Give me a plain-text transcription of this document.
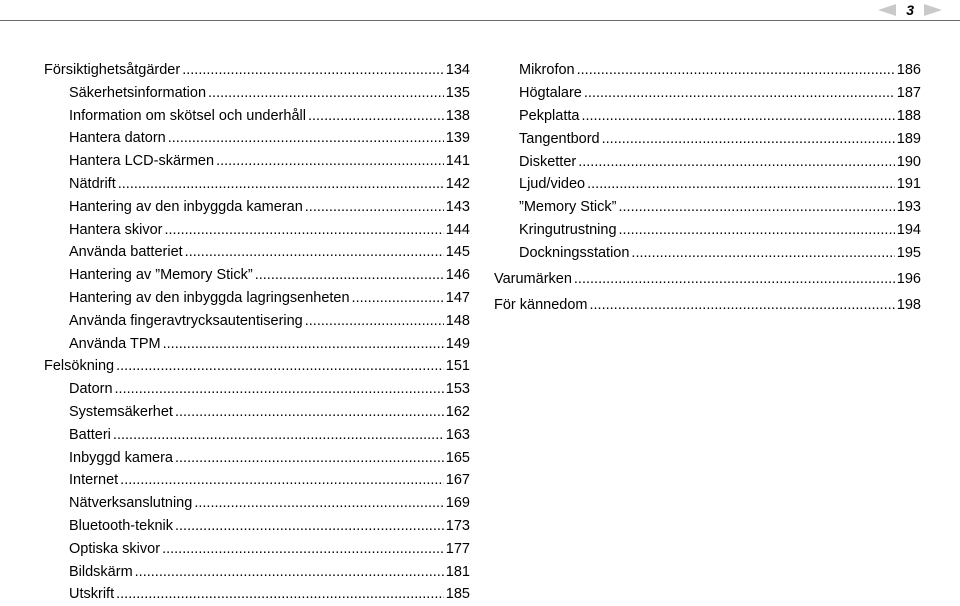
3
Försiktighetsåtgärder .....	134
Säkerhetsinformation .....	135
Information om skötsel och underhåll .....	138
Hantera datorn .....	139
Hantera LCD-skärmen .....	141
Nätdrift .....	142
Hantering av den inbyggda kameran .....	143
Hantera skivor .....	144
Använda batteriet .....	145
Hantering av ”Memory Stick” .....	146
Hantering av den inbyggda lagringsenheten .....	147
Använda fingeravtrycksautentisering .....	148
Använda TPM .....	149
Felsökning .....	151
Datorn .....	153
Systemsäkerhet .....	162
Batteri .....	163
Inbyggd kamera .....	165
Internet .....	167
Nätverksanslutning .....	169
Bluetooth-teknik .....	173
Optiska skivor .....	177
Bildskärm .....	181
Utskrift .....	185
Mikrofon .....	186
Högtalare .....	187
Pekplatta .....	188
Tangentbord .....	189
Disketter .....	190
Ljud/video .....	191
”Memory Stick” .....	193
Kringutrustning .....	194
Dockningsstation .....	195
Varumärken .....	196
För kännedom .....	198
